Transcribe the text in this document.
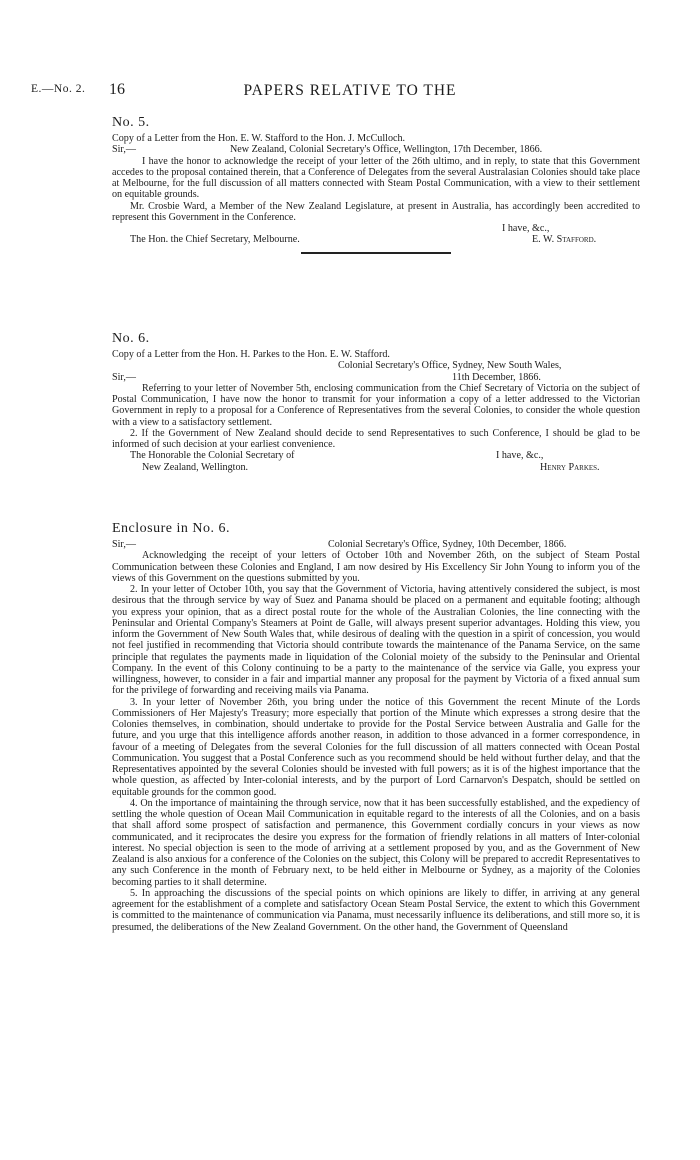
E.—No. 2. 16	PAPERS RELATIVE TO THE

No. 5.

Copy of a Letter from the Hon. E. W. Stafford to the Hon. J. McCulloch.

Sir,—	New Zealand, Colonial Secretary's Office, Wellington, 17th December, 1866.

I have the honor to acknowledge the receipt of your letter of the 26th ultimo, and in reply, to state that this Government accedes to the proposal contained therein, that a Conference of Delegates from the several Australasian Colonies should take place at Melbourne, for the full discussion of all matters connected with Steam Postal Communication, with a view to their settlement on equitable grounds.

Mr. Crosbie Ward, a Member of the New Zealand Legislature, at present in Australia, has accordingly been accredited to represent this Government in the Conference.

I have, &c.,
The Hon. the Chief Secretary, Melbourne.	E. W. Stafford.

No. 6.

Copy of a Letter from the Hon. H. Parkes to the Hon. E. W. Stafford.

Colonial Secretary's Office, Sydney, New South Wales,
Sir,—	11th December, 1866.

Referring to your letter of November 5th, enclosing communication from the Chief Secretary of Victoria on the subject of Postal Communication, I have now the honor to transmit for your information a copy of a letter addressed to the Victorian Government in reply to a proposal for a Conference of Representatives from the several Colonies, to consider the whole question with a view to a satisfactory settlement.

2. If the Government of New Zealand should decide to send Representatives to such Conference, I should be glad to be informed of such decision at your earliest convenience.

The Honorable the Colonial Secretary of	I have, &c.,
New Zealand, Wellington.	Henry Parkes.

Enclosure in No. 6.

Sir,—	Colonial Secretary's Office, Sydney, 10th December, 1866.

Acknowledging the receipt of your letters of October 10th and November 26th, on the subject of Steam Postal Communication between these Colonies and England, I am now desired by His Excellency Sir John Young to inform you of the views of this Government on the questions submitted by you.

2. In your letter of October 10th, you say that the Government of Victoria, having attentively considered the subject, is most desirous that the through service by way of Suez and Panama should be placed on a permanent and equitable footing; although you express your opinion, that as a direct postal route for the whole of the Australian Colonies, the line connecting with the Peninsular and Oriental Company's Steamers at Point de Galle, will always present superior advantages. Holding this view, you inform the Government of New South Wales that, while desirous of dealing with the question in a spirit of concession, you would not feel justified in recommending that Victoria should contribute towards the maintenance of the Panama Service, on the same principle that regulates the payments made in liquidation of the Colonial moiety of the subsidy to the Peninsular and Oriental Company. In the event of this Colony continuing to be a party to the maintenance of the service via Galle, you express your willingness, however, to consider in a fair and impartial manner any proposal for the payment by Victoria of a fixed annual sum for the privilege of forwarding and receiving mails via Panama.

3. In your letter of November 26th, you bring under the notice of this Government the recent Minute of the Lords Commissioners of Her Majesty's Treasury; more especially that portion of the Minute which expresses a strong desire that the Colonies themselves, in combination, should undertake to provide for the Postal Service between Australia and Galle for the future, and you urge that this intelligence affords another reason, in addition to those advanced in a former correspondence, in favour of a meeting of Delegates from the several Colonies for the full discussion of all matters connected with Ocean Postal Communication. You suggest that a Postal Conference such as you recommend should be held without further delay, and that the Representatives appointed by the several Colonies should be invested with full powers; as it is of the highest importance that the whole question, as affected by Inter-colonial interests, and by the purport of Lord Carnarvon's Despatch, should be settled on equitable grounds for the common good.

4. On the importance of maintaining the through service, now that it has been successfully established, and the expediency of settling the whole question of Ocean Mail Communication in equitable regard to the interests of all the Colonies, and on a basis that shall afford some prospect of satisfaction and permanence, this Government cordially concurs in your views as now communicated, and it reciprocates the desire you express for the formation of friendly relations in all matters of Inter-colonial interest. No special objection is seen to the mode of arriving at a settlement proposed by you, and as the Government of New Zealand is also anxious for a conference of the Colonies on the subject, this Colony will be prepared to accredit Representatives to any such Conference in the month of February next, to be held either in Melbourne or Sydney, as a majority of the Colonies becoming parties to it shall determine.

5. In approaching the discussions of the special points on which opinions are likely to differ, in arriving at any general agreement for the establishment of a complete and satisfactory Ocean Steam Postal Service, the extent to which this Government is committed to the maintenance of communication via Panama, must necessarily influence its deliberations, and still more so, it is presumed, the deliberations of the New Zealand Government. On the other hand, the Government of Queensland
